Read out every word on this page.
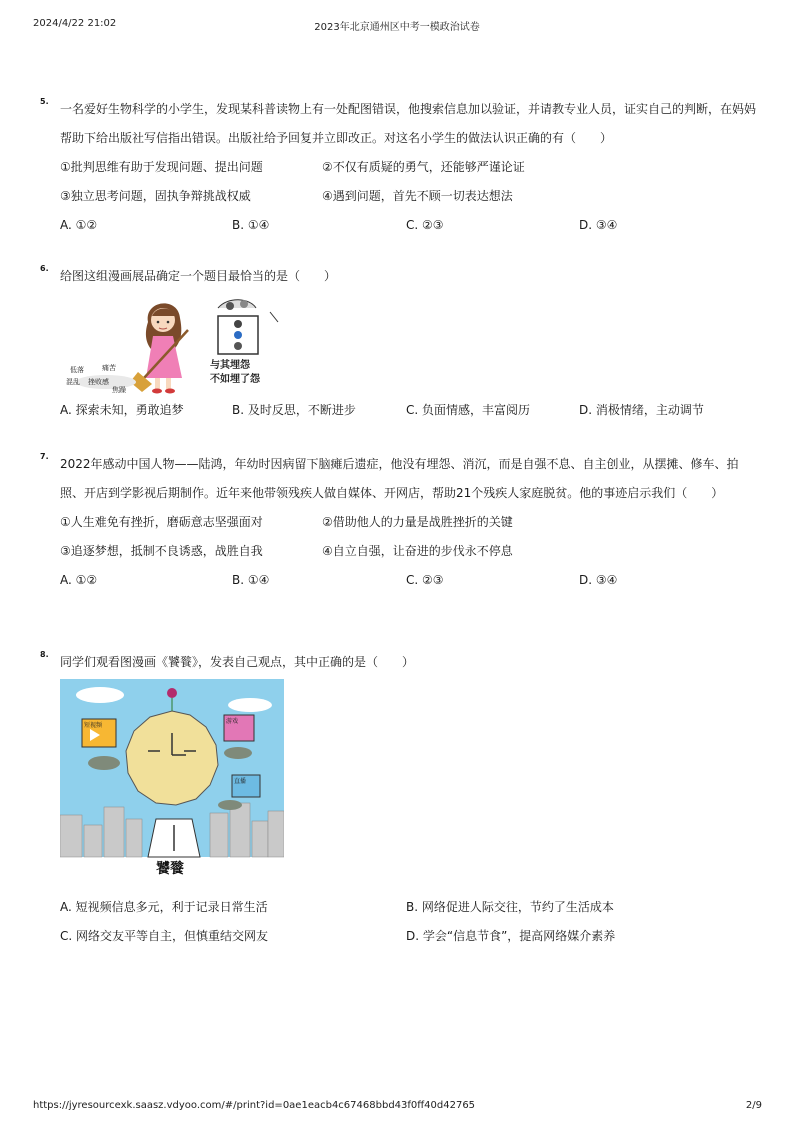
2024/4/22 21:02	2023年北京通州区中考一模政治试卷
5.
一名爱好生物科学的小学生，发现某科普读物上有一处配图错误，他搜索信息加以验证，并请教专业人员，证实自己的判断，在妈妈帮助下给出版社写信指出错误。出版社给予回复并立即改正。对这名小学生的做法认识正确的有（　　）
①批判思维有助于发现问题、提出问题	②不仅有质疑的勇气，还能够严谨论证
③独立思考问题，固执争辩挑战权威	④遇到问题，首先不顾一切表达想法
A. ①②	B. ①④	C. ②③	D. ③④
6.
给图这组漫画展品确定一个题目最恰当的是（　　）
低落	痛苦
混乱 挫败感
焦躁
与其埋怨
不如埋了怨
A. 探索未知，勇敢追梦	B. 及时反思，不断进步	C. 负面情感，丰富阅历	D. 消极情绪，主动调节
7.
2022年感动中国人物——陆鸿，年幼时因病留下脑瘫后遗症，他没有埋怨、消沉，而是自强不息、自主创业，从摆摊、修车、拍照、开店到学影视后期制作。近年来他带领残疾人做自媒体、开网店，帮助21个残疾人家庭脱贫。他的事迹启示我们（　　）
①人生难免有挫折，磨砺意志坚强面对	②借助他人的力量是战胜挫折的关键
③追逐梦想，抵制不良诱惑，战胜自我	④自立自强，让奋进的步伐永不停息
A. ①②	B. ①④	C. ②③	D. ③④
8.
同学们观看图漫画《饕餮》，发表自己观点，其中正确的是（　　）
短视频
游戏
直播
饕餮
A. 短视频信息多元，利于记录日常生活	B. 网络促进人际交往，节约了生活成本
C. 网络交友平等自主，但慎重结交网友	D. 学会“信息节食”，提高网络媒介素养
https://jyresourcexk.saasz.vdyoo.com/#/print?id=0ae1eacb4c67468bbd43f0ff40d42765	2/9
